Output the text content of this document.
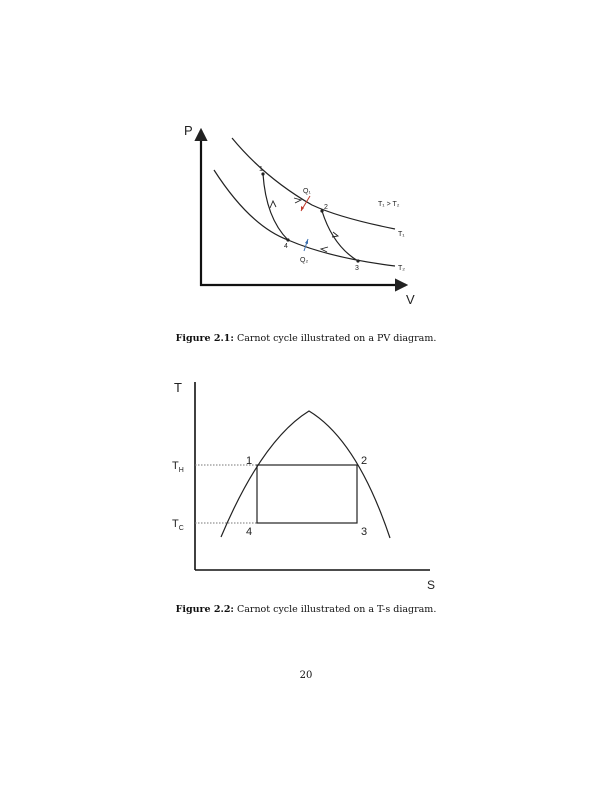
P
V
1
2
3
4
Q₁
Q₂
T₁ > T₂
T₁
T₂
Figure 2.1: Carnot cycle illustrated on a PV diagram.
T
S
$T_H$
$T_C$
1	2
3
4
Figure 2.2: Carnot cycle illustrated on a T-s diagram.
20
